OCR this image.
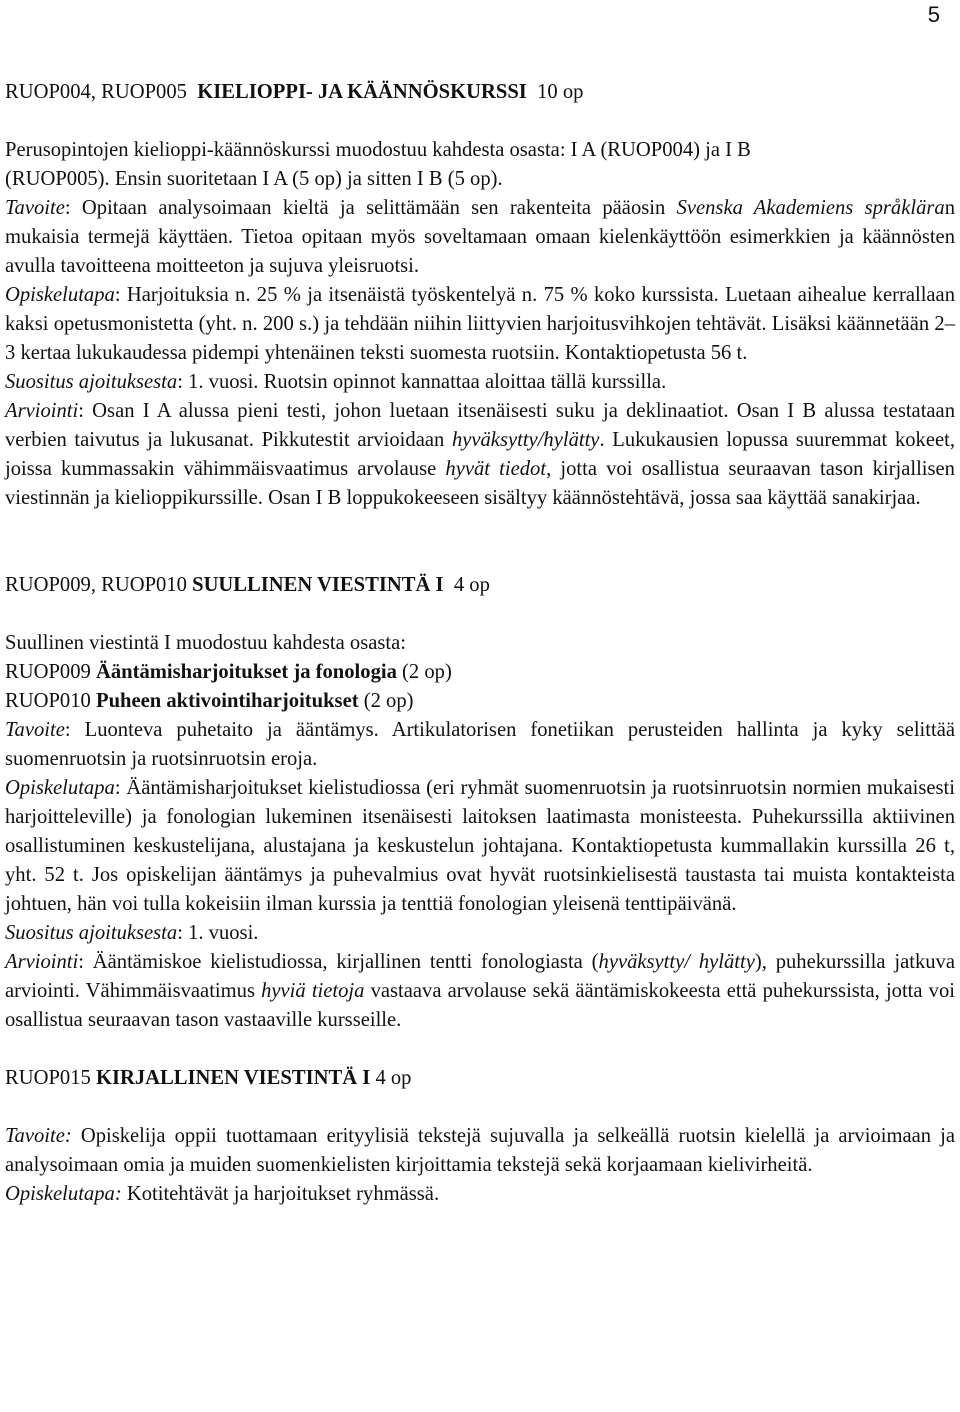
5

RUOP004, RUOP005 KIELIOPPI- JA KÄÄNNÖSKURSSI 10 op

Perusopintojen kielioppi-käännöskurssi muodostuu kahdesta osasta: I A (RUOP004) ja I B

(RUOP005). Ensin suoritetaan I A (5 op) ja sitten I B (5 op).

Tavoite: Opitaan analysoimaan kieltä ja selittämään sen rakenteita pääosin Svenska Akademiens språkläran mukaisia termejä käyttäen. Tietoa opitaan myös soveltamaan omaan kielenkäyttöön esimerkkien ja käännösten avulla tavoitteena moitteeton ja sujuva yleisruotsi.

Opiskelutapa: Harjoituksia n. 25 % ja itsenäistä työskentelyä n. 75 % koko kurssista. Luetaan aihealue kerrallaan kaksi opetusmonistetta (yht. n. 200 s.) ja tehdään niihin liittyvien harjoitusvihkojen tehtävät. Lisäksi käännetään 2–3 kertaa lukukaudessa pidempi yhtenäinen teksti suomesta ruotsiin. Kontaktiopetusta 56 t.

Suositus ajoituksesta: 1. vuosi. Ruotsin opinnot kannattaa aloittaa tällä kurssilla.

Arviointi: Osan I A alussa pieni testi, johon luetaan itsenäisesti suku ja deklinaatiot. Osan I B alussa testataan verbien taivutus ja lukusanat. Pikkutestit arvioidaan hyväksytty/hylätty. Lukukausien lopussa suuremmat kokeet, joissa kummassakin vähimmäisvaatimus arvolause hyvät tiedot, jotta voi osallistua seuraavan tason kirjallisen viestinnän ja kielioppikurssille. Osan I B loppukokeeseen sisältyy käännöstehtävä, jossa saa käyttää sanakirjaa.

RUOP009, RUOP010 SUULLINEN VIESTINTÄ I 4 op

Suullinen viestintä I muodostuu kahdesta osasta:

RUOP009 Ääntämisharjoitukset ja fonologia (2 op)

RUOP010 Puheen aktivointiharjoitukset (2 op)

Tavoite: Luonteva puhetaito ja ääntämys. Artikulatorisen fonetiikan perusteiden hallinta ja kyky selittää suomenruotsin ja ruotsinruotsin eroja.

Opiskelutapa: Ääntämisharjoitukset kielistudiossa (eri ryhmät suomenruotsin ja ruotsinruotsin normien mukaisesti harjoitteleville) ja fonologian lukeminen itsenäisesti laitoksen laatimasta monisteesta. Puhekurssilla aktiivinen osallistuminen keskustelijana, alustajana ja keskustelun johtajana. Kontaktiopetusta kummallakin kurssilla 26 t, yht. 52 t. Jos opiskelijan ääntämys ja puhevalmius ovat hyvät ruotsinkielisestä taustasta tai muista kontakteista johtuen, hän voi tulla kokeisiin ilman kurssia ja tenttiä fonologian yleisenä tenttipäivänä.

Suositus ajoituksesta: 1. vuosi.

Arviointi: Ääntämiskoe kielistudiossa, kirjallinen tentti fonologiasta (hyväksytty/ hylätty), puhekurssilla jatkuva arviointi. Vähimmäisvaatimus hyviä tietoja vastaava arvolause sekä ääntämiskokeesta että puhekurssista, jotta voi osallistua seuraavan tason vastaaville kursseille.

RUOP015 KIRJALLINEN VIESTINTÄ I 4 op

Tavoite: Opiskelija oppii tuottamaan erityylisiä tekstejä sujuvalla ja selkeällä ruotsin kielellä ja arvioimaan ja analysoimaan omia ja muiden suomenkielisten kirjoittamia tekstejä sekä korjaamaan kielivirheitä.

Opiskelutapa: Kotitehtävät ja harjoitukset ryhmässä.
